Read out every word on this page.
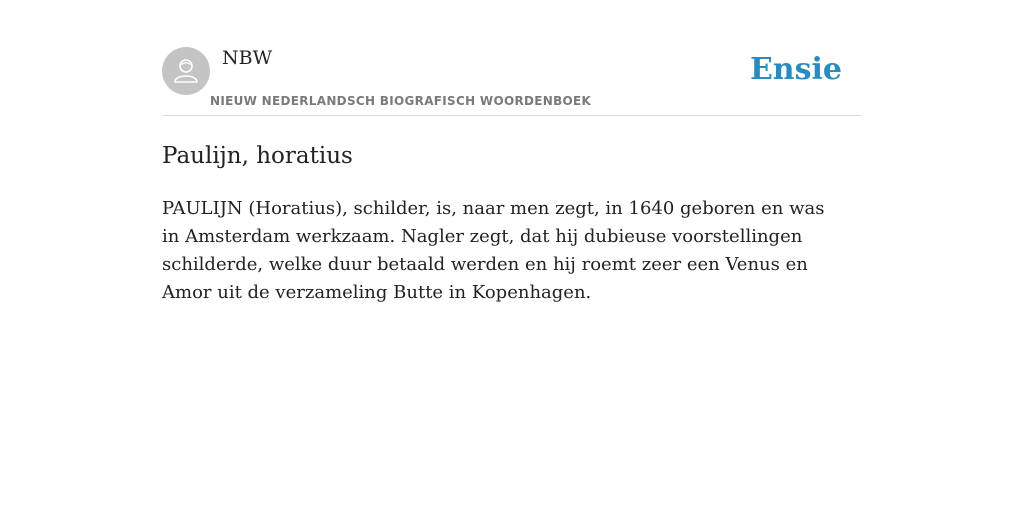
NBW
NIEUW NEDERLANDSCH BIOGRAFISCH WOORDENBOEK
Ensie
Paulijn, horatius

PAULIJN (Horatius), schilder, is, naar men zegt, in 1640 geboren en was in Amsterdam werkzaam. Nagler zegt, dat hij dubieuse voorstellingen schilderde, welke duur betaald werden en hij roemt zeer een Venus en Amor uit de verzameling Butte in Kopenhagen.
